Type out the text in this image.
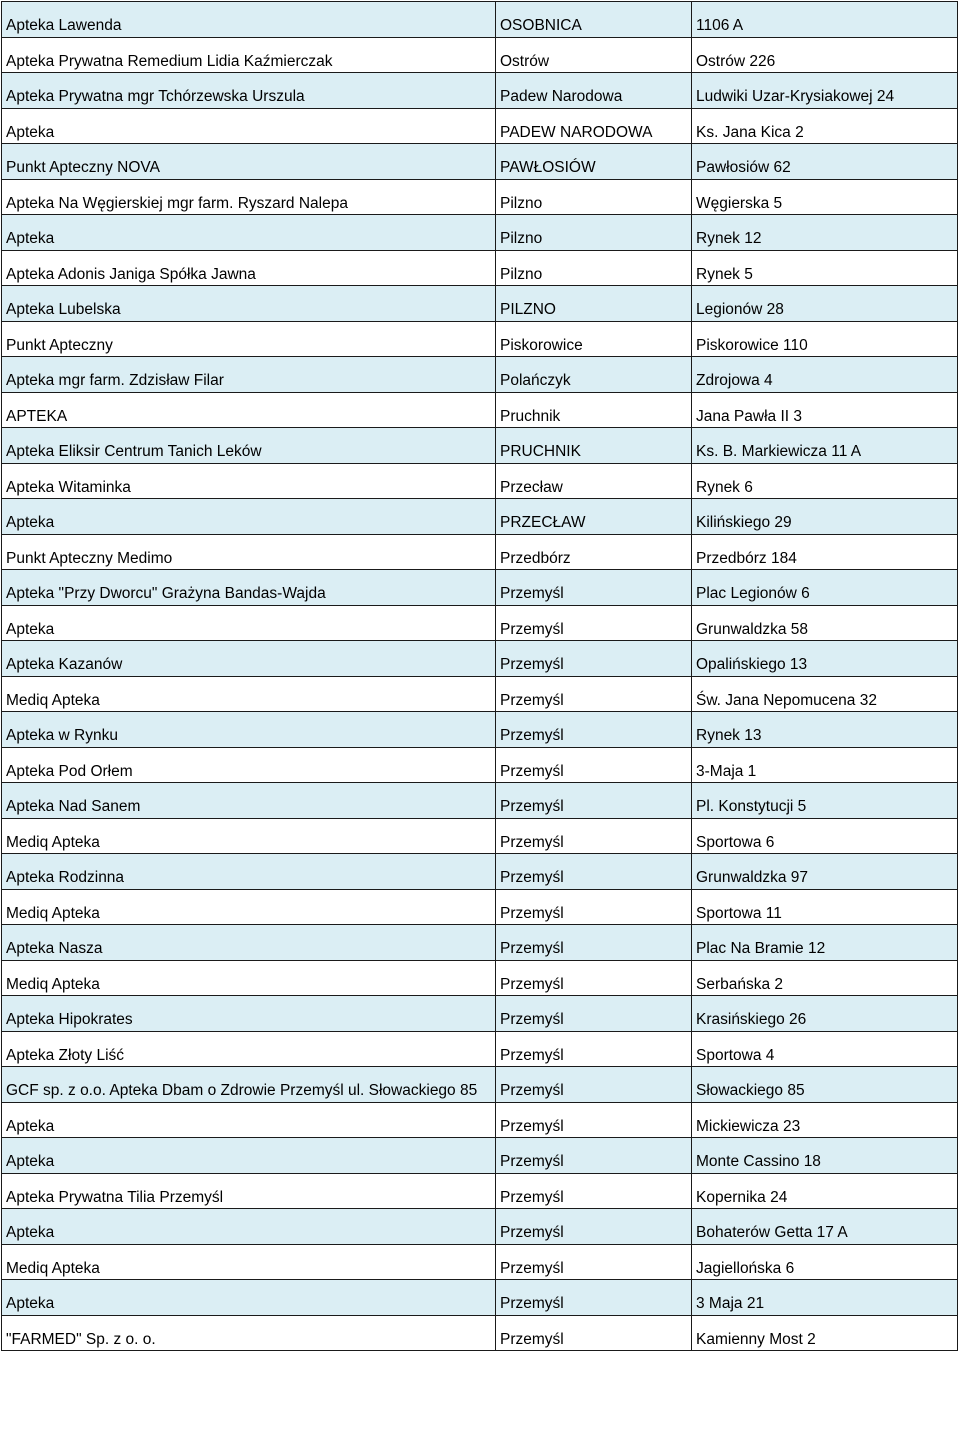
Apteka Lawenda	OSOBNICA	1106 A
Apteka Prywatna Remedium Lidia Kaźmierczak	Ostrów	Ostrów 226
Apteka Prywatna mgr Tchórzewska Urszula	Padew Narodowa	Ludwiki Uzar-Krysiakowej 24
Apteka	PADEW NARODOWA	Ks. Jana Kica 2
Punkt Apteczny NOVA	PAWŁOSIÓW	Pawłosiów 62
Apteka Na Węgierskiej mgr farm. Ryszard Nalepa	Pilzno	Węgierska 5
Apteka	Pilzno	Rynek 12
Apteka Adonis Janiga Spółka Jawna	Pilzno	Rynek 5
Apteka Lubelska	PILZNO	Legionów 28
Punkt Apteczny	Piskorowice	Piskorowice 110
Apteka mgr farm. Zdzisław Filar	Polańczyk	Zdrojowa 4
APTEKA	Pruchnik	Jana Pawła II 3
Apteka Eliksir Centrum Tanich Leków	PRUCHNIK	Ks. B. Markiewicza 11 A
Apteka Witaminka	Przecław	Rynek 6
Apteka	PRZECŁAW	Kilińskiego 29
Punkt Apteczny Medimo	Przedbórz	Przedbórz 184
Apteka "Przy Dworcu" Grażyna Bandas-Wajda	Przemyśl	Plac Legionów 6
Apteka	Przemyśl	Grunwaldzka 58
Apteka Kazanów	Przemyśl	Opalińskiego 13
Mediq Apteka	Przemyśl	Św. Jana Nepomucena 32
Apteka w Rynku	Przemyśl	Rynek 13
Apteka Pod Orłem	Przemyśl	3-Maja 1
Apteka Nad Sanem	Przemyśl	Pl. Konstytucji 5
Mediq Apteka	Przemyśl	Sportowa 6
Apteka Rodzinna	Przemyśl	Grunwaldzka 97
Mediq Apteka	Przemyśl	Sportowa 11
Apteka Nasza	Przemyśl	Plac Na Bramie 12
Mediq Apteka	Przemyśl	Serbańska 2
Apteka Hipokrates	Przemyśl	Krasińskiego 26
Apteka Złoty Liść	Przemyśl	Sportowa 4
GCF sp. z o.o. Apteka Dbam o Zdrowie Przemyśl ul. Słowackiego 85	Przemyśl	Słowackiego 85
Apteka	Przemyśl	Mickiewicza 23
Apteka	Przemyśl	Monte Cassino 18
Apteka Prywatna Tilia Przemyśl	Przemyśl	Kopernika 24
Apteka	Przemyśl	Bohaterów Getta 17 A
Mediq Apteka	Przemyśl	Jagiellońska 6
Apteka	Przemyśl	3 Maja 21
"FARMED" Sp. z o. o.	Przemyśl	Kamienny Most 2
